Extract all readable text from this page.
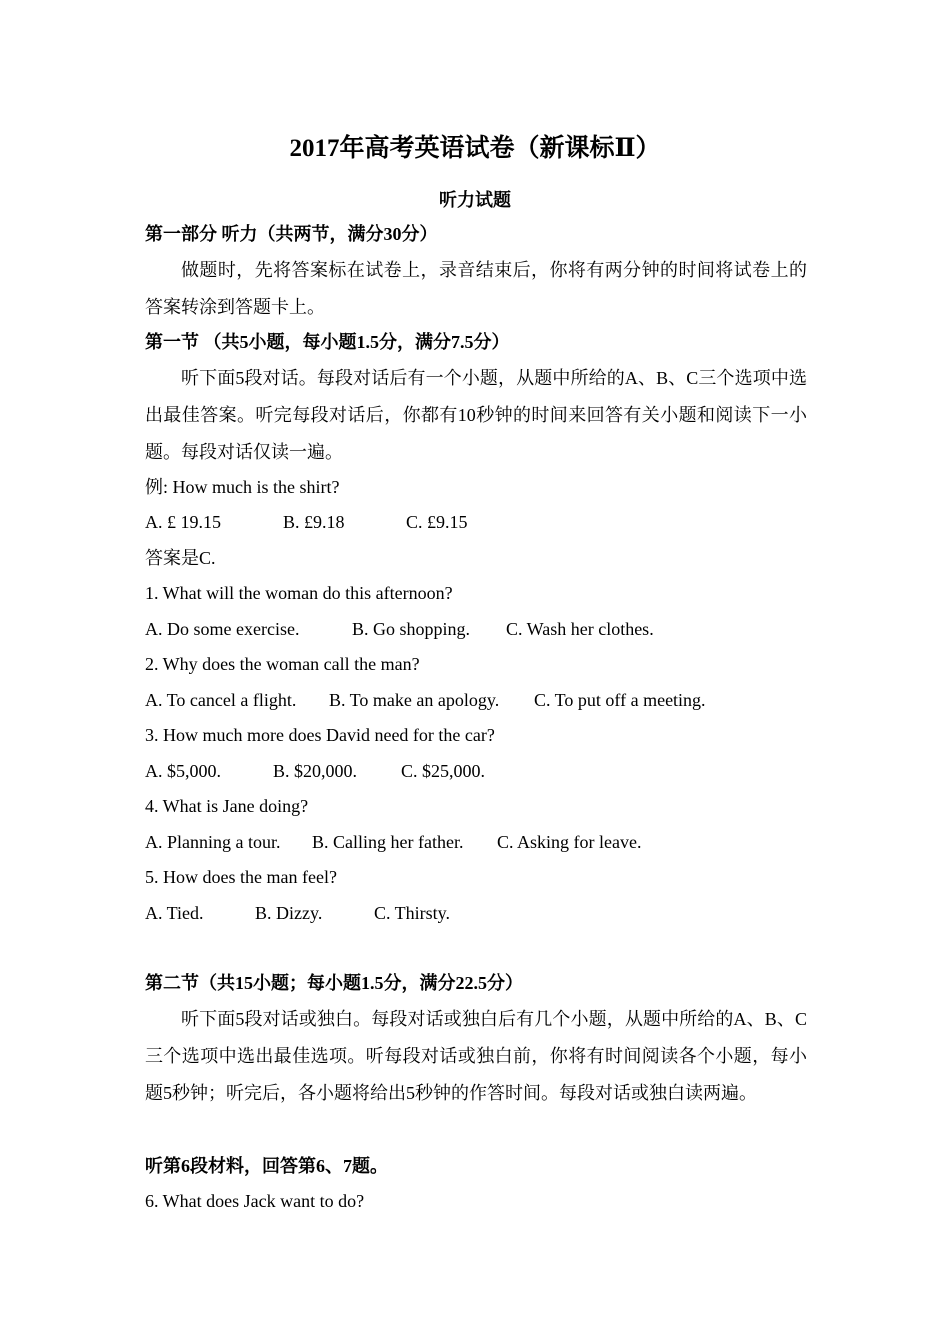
2017年高考英语试卷（新课标Ⅱ）
听力试题
第一部分 听力（共两节，满分30分）
做题时，先将答案标在试卷上，录音结束后，你将有两分钟的时间将试卷上的答案转涂到答题卡上。
第一节 （共5小题，每小题1.5分，满分7.5分）
听下面5段对话。每段对话后有一个小题，从题中所给的A、B、C三个选项中选出最佳答案。听完每段对话后，你都有10秒钟的时间来回答有关小题和阅读下一小题。每段对话仅读一遍。
例: How much is the shirt?
A. £ 19.15	B. £9.18	C. £9.15
答案是C.
1. What will the woman do this afternoon?
A. Do some exercise.	B. Go shopping. C. Wash her clothes.
2. Why does the woman call the man?
A. To cancel a flight. B. To make an apology. C. To put off a meeting.
3. How much more does David need for the car?
A. $5,000.	B. $20,000. C. $25,000.
4. What is Jane doing?
A. Planning a tour. B. Calling her father. C. Asking for leave.
5. How does the man feel?
A. Tied.	B. Dizzy.	C. Thirsty.
第二节（共15小题；每小题1.5分，满分22.5分）
听下面5段对话或独白。每段对话或独白后有几个小题，从题中所给的A、B、C三个选项中选出最佳选项。听每段对话或独白前，你将有时间阅读各个小题，每小题5秒钟；听完后，各小题将给出5秒钟的作答时间。每段对话或独白读两遍。
听第6段材料，回答第6、7题。
6. What does Jack want to do?
